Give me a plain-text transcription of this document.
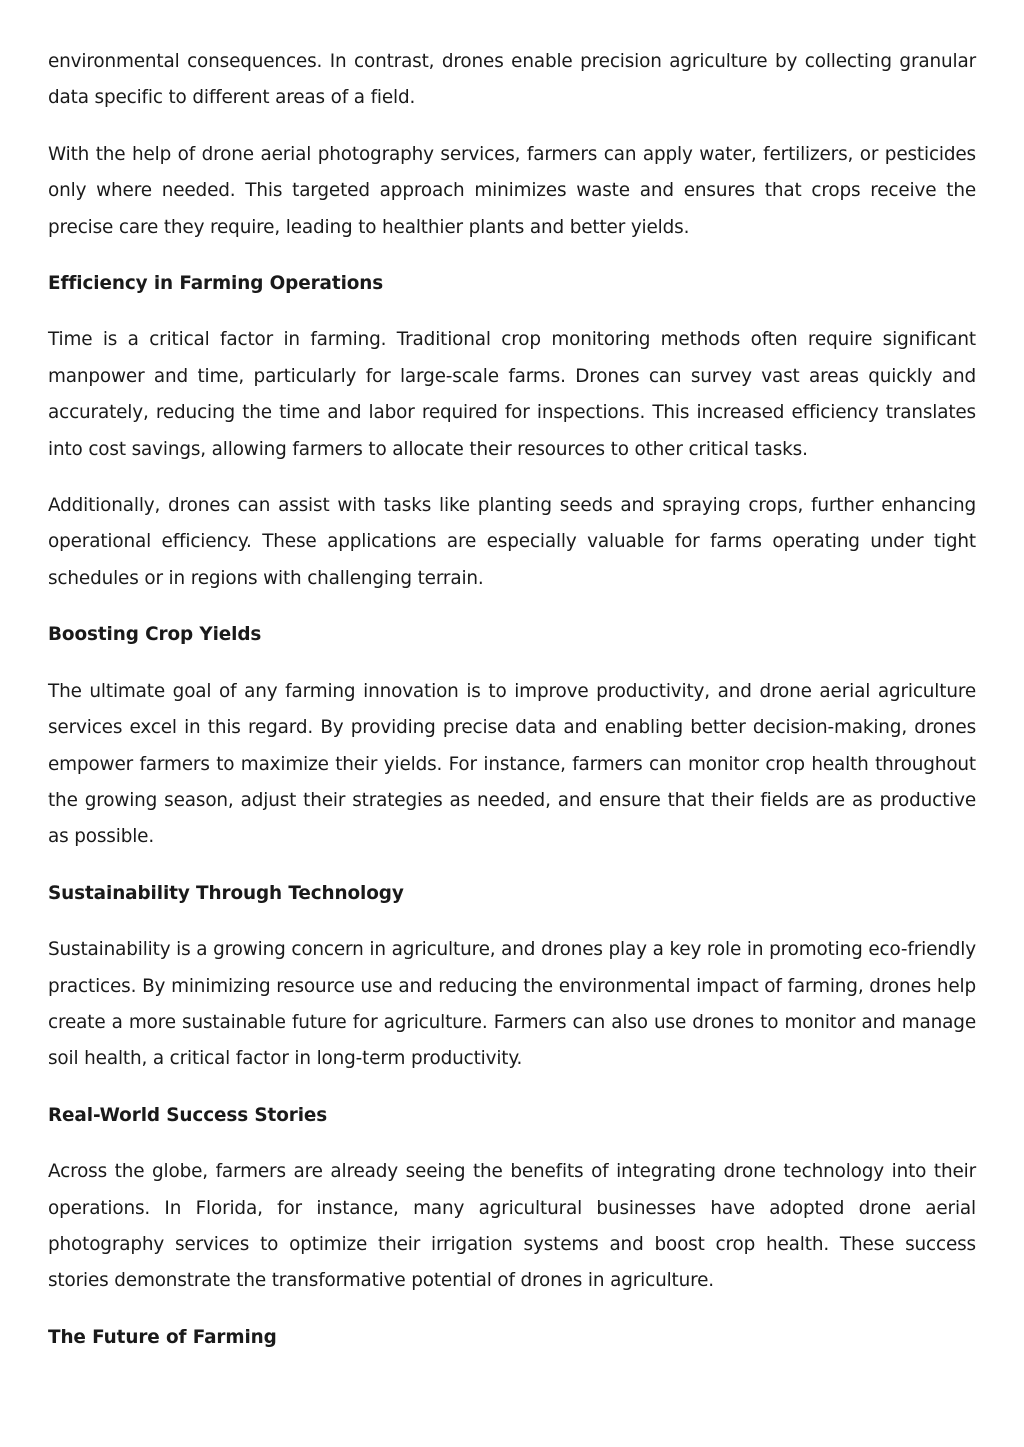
environmental consequences. In contrast, drones enable precision agriculture by collecting granular data specific to different areas of a field.

With the help of drone aerial photography services, farmers can apply water, fertilizers, or pesticides only where needed. This targeted approach minimizes waste and ensures that crops receive the precise care they require, leading to healthier plants and better yields.

Efficiency in Farming Operations

Time is a critical factor in farming. Traditional crop monitoring methods often require significant manpower and time, particularly for large-scale farms. Drones can survey vast areas quickly and accurately, reducing the time and labor required for inspections. This increased efficiency translates into cost savings, allowing farmers to allocate their resources to other critical tasks.

Additionally, drones can assist with tasks like planting seeds and spraying crops, further enhancing operational efficiency. These applications are especially valuable for farms operating under tight schedules or in regions with challenging terrain.

Boosting Crop Yields

The ultimate goal of any farming innovation is to improve productivity, and drone aerial agriculture services excel in this regard. By providing precise data and enabling better decision-making, drones empower farmers to maximize their yields. For instance, farmers can monitor crop health throughout the growing season, adjust their strategies as needed, and ensure that their fields are as productive as possible.

Sustainability Through Technology

Sustainability is a growing concern in agriculture, and drones play a key role in promoting eco-friendly practices. By minimizing resource use and reducing the environmental impact of farming, drones help create a more sustainable future for agriculture. Farmers can also use drones to monitor and manage soil health, a critical factor in long-term productivity.

Real-World Success Stories

Across the globe, farmers are already seeing the benefits of integrating drone technology into their operations. In Florida, for instance, many agricultural businesses have adopted drone aerial photography services to optimize their irrigation systems and boost crop health. These success stories demonstrate the transformative potential of drones in agriculture.

The Future of Farming
